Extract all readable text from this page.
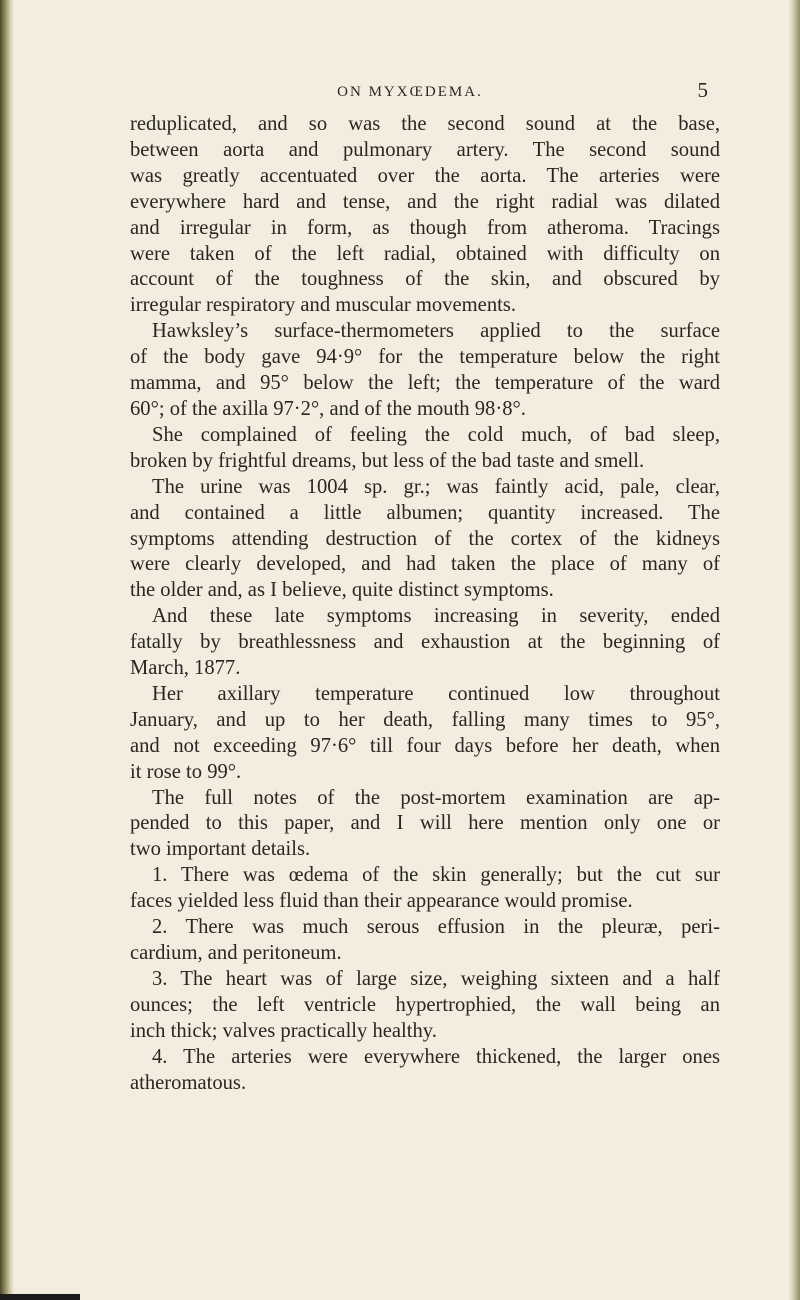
ON MYXŒDEMA.	5
reduplicated, and so was the second sound at the base,
between aorta and pulmonary artery. The second sound
was greatly accentuated over the aorta. The arteries were
everywhere hard and tense, and the right radial was dilated
and irregular in form, as though from atheroma. Tracings
were taken of the left radial, obtained with difficulty on
account of the toughness of the skin, and obscured by
irregular respiratory and muscular movements.
Hawksley’s surface-thermometers applied to the surface
of the body gave 94·9° for the temperature below the right
mamma, and 95° below the left; the temperature of the ward
60°; of the axilla 97·2°, and of the mouth 98·8°.
She complained of feeling the cold much, of bad sleep,
broken by frightful dreams, but less of the bad taste and smell.
The urine was 1004 sp. gr.; was faintly acid, pale, clear,
and contained a little albumen; quantity increased. The
symptoms attending destruction of the cortex of the kidneys
were clearly developed, and had taken the place of many of
the older and, as I believe, quite distinct symptoms.
And these late symptoms increasing in severity, ended
fatally by breathlessness and exhaustion at the beginning of
March, 1877.
Her axillary temperature continued low throughout
January, and up to her death, falling many times to 95°,
and not exceeding 97·6° till four days before her death, when
it rose to 99°.
The full notes of the post-mortem examination are ap-
pended to this paper, and I will here mention only one or
two important details.
1. There was œdema of the skin generally; but the cut sur
faces yielded less fluid than their appearance would promise.
2. There was much serous effusion in the pleuræ, peri-
cardium, and peritoneum.
3. The heart was of large size, weighing sixteen and a half
ounces; the left ventricle hypertrophied, the wall being an
inch thick; valves practically healthy.
4. The arteries were everywhere thickened, the larger ones
atheromatous.
